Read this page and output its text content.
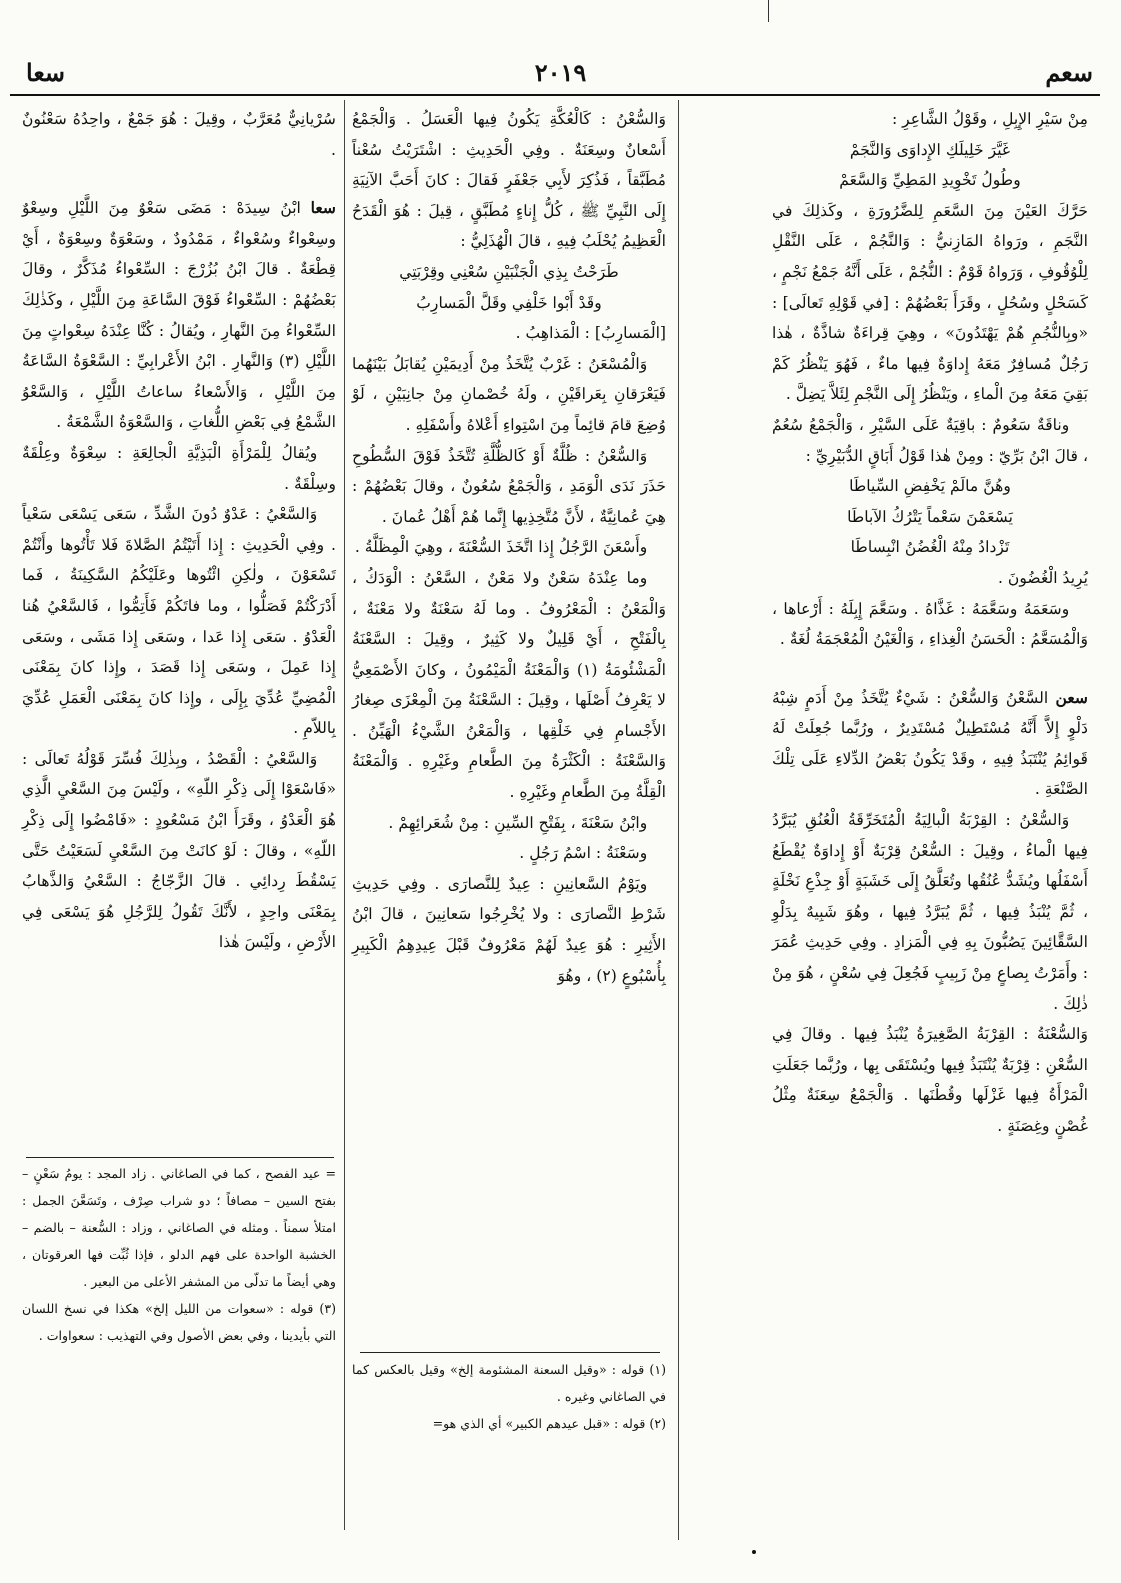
سعا	٢٠١٩	سعم

مِنْ سَيْرِ الإِبِلِ ، وقَوْلُ الشَّاعِرِ :

غَيَّرَ خَلِيلَكِ الإِداوَى وَالنَّجَمْ

وطُولُ تَخْوِيدِ المَطِيِّ وَالسَّعَمْ

حَرَّكَ العَيْنَ مِنَ السَّعَمِ لِلضَّرُورَةِ ، وكَذلِكَ في النَّجَمِ ، ورَواهُ المَازِنيُّ : وَالنَّجُمْ ، عَلَى النَّقْلِ لِلْوُقُوفِ ، وَرَواهُ قَوْمٌ : النُّجُمْ ، عَلَى أَنَّهُ جَمْعُ نَجْمٍ ، كَسَحْلٍ وسُحُلٍ ، وقَرَأَ بَعْضُهُمْ : [في قَوْلِهِ تَعالَى] : «وبِالنُّجُمِ هُمْ يَهْتَدُونَ» ، وهِيَ قِراءَةٌ شاذَّةٌ ، هٰذا رَجُلٌ مُسافِرٌ مَعَهُ إِداوَةٌ فِيها ماءٌ ، فَهُوَ يَنْظُرُ كَمْ بَقِيَ مَعَهُ مِنَ الْماءِ ، ويَنْظُرُ إِلَى النَّجْمِ لِئَلاَّ يَضِلَّ .

وناقَةٌ سَعُومٌ : باقِيَةٌ عَلَى السَّيْرِ ، وَالْجَمْعُ سُعُمٌ ، قالَ ابْنُ بَرِّيّ : ومِنْ هٰذا قَوْلُ أَبَاقٍ الدُّبَيْرِيِّ :

وهُنَّ مالَمْ يَخْفِضِ السِّياطَا

يَسْعَمْنَ سَعْماً يَتْرُكُ الآباطَا

تَزْدادُ مِنْهُ الْغُضُنُ انْبِساطَا

يُرِيدُ الْغُضُونَ .

وسَعَمَهُ وسَعَّمَهُ : غَذَّاهُ . وسَعَّمَ إِبِلَهُ : أَرْعاها ، وَالْمُسَعَّمُ : الْحَسَنُ الْغِذاءِ ، وَالْغَيْنُ الْمُعْجَمَةُ لُغَةٌ .

سعن السَّعْنُ وَالسُّعْنُ : شَيْءٌ يُتَّخَذُ مِنْ أَدَمٍ شِبْهُ دَلْوٍ إِلاَّ أَنَّهُ مُسْتَطِيلٌ مُسْتَدِيرٌ ، ورُبَّما جُعِلَتْ لَهُ قَوائِمُ يُنْتَبَذُ فِيهِ ، وقَدْ يَكُونُ بَعْضُ الدِّلاءِ عَلَى تِلْكَ الصَّنْعَةِ .

وَالسُّعْنُ : القِرْبَةُ الْبالِيَةُ الْمُتَخَرِّقَةُ الْعُنُقِ يُبَرَّدُ فِيها الْماءُ ، وقِيلَ : السُّعْنُ قِرْبَةٌ أَوْ إِداوَةٌ يُقْطَعُ أَسْفَلُها ويُشَدُّ عُنُقُها وتُعَلَّقُ إِلَى خَشَبَةٍ أَوْ جِذْعِ نَخْلَةٍ ، ثُمَّ يُنْبَذُ فِيها ، ثُمَّ يُبَرَّدُ فِيها ، وهُوَ شَبِيهٌ بِدَلْوِ السَّقَّائِينَ يَصُبُّونَ بِهِ فِي الْمَزادِ . وفِي حَدِيثِ عُمَرَ : وأَمَرْتُ بِصاعٍ مِنْ زَبِيبٍ فَجُعِلَ فِي سُعْنٍ ، هُوَ مِنْ ذٰلِكَ .

وَالسُّعْنَةُ : القِرْبَةُ الصَّغِيرَةُ يُنْبَذُ فِيها . وقالَ فِي السُّعْنِ : قِرْبَةٌ يُنْتَبَذُ فِيها ويُسْتَقَى بِها ، ورُبَّما جَعَلَتِ الْمَرْأَةُ فِيها غَزْلَها وقُطْنَها . وَالْجَمْعُ سِعَنَةٌ مِثْلُ غُصْنٍ وغِصَنَةٍ .

وَالسُّعْنُ : كَالْعُكَّةِ يَكُونُ فِيها الْعَسَلُ . وَالْجَمْعُ أَسْعانٌ وسِعَنَةٌ . وفِي الْحَدِيثِ : اشْتَرَيْتُ سُعْناً مُطَبَّقاً ، فَذُكِرَ لأَبِي جَعْفَرٍ فَقالَ : كانَ أَحَبَّ الآنِيَةِ إِلَى النَّبِيِّ ﷺ ، كُلُّ إِناءٍ مُطَبَّقٍ ، قِيلَ : هُوَ الْقَدَحُ الْعَظِيمُ يُحْلَبُ فِيهِ ، قالَ الْهُذَلِيُّ :

طَرَحْتُ بِذِي الْجَنْبَيْنِ سُعْنِي وقِرْبَتِي

وقَدْ أَبْوا خَلْفِي وقَلَّ الْمَسارِبُ

[الْمَسارِبُ] : الْمَذاهِبُ .

وَالْمُسْعَنُ : غَرْبٌ يُتَّخَذُ مِنْ أَدِيمَيْنِ يُقابَلُ بَيْنَهُما فَيَعْرَقانِ بِعَراقَيْنِ ، ولَهُ خُصْمانِ مِنْ جانِبَيْنِ ، لَوْ وُضِعَ قامَ قائِماً مِنَ اسْتِواءِ أَعْلاهُ وأَسْفَلِهِ .

وَالسُّعْنُ : ظُلَّةٌ أَوْ كَالظُّلَّةِ تُتَّخَذُ فَوْقَ السُّطُوحِ حَذَرَ نَدَى الْوَمَدِ ، وَالْجَمْعُ سُعُونٌ ، وقالَ بَعْضُهُمْ : هِيَ عُمانِيَّةٌ ، لأَنَّ مُتَّخِذِيها إِنَّما هُمْ أَهْلُ عُمانَ .

وأَسْعَنَ الرَّجُلُ إِذا اتَّخَذَ السُّعْنَةَ ، وهِيَ الْمِظَلَّةُ .

وما عِنْدَهُ سَعْنٌ ولا مَعْنٌ ، السَّعْنُ : الْوَدَكُ ، وَالْمَعْنُ : الْمَعْرُوفُ . وما لَهُ سَعْنَةٌ ولا مَعْنَةٌ ، بِالْفَتْحِ ، أَيْ قَلِيلٌ ولا كَثِيرٌ ، وقِيلَ : السَّعْنَةُ الْمَشْئُومَةُ (١) وَالْمَعْنَةُ الْمَيْمُونُ ، وكانَ الأَصْمَعِيُّ لا يَعْرِفُ أَصْلَها ، وقِيلَ : السَّعْنَةُ مِنَ الْمِعْزَى صِغارُ الأَجْسامِ فِي خَلْقِها ، وَالْمَعْنُ الشَّيْءُ الْهَيِّنُ . وَالسَّعْنَةُ : الْكَثْرَةُ مِنَ الطَّعامِ وغَيْرِهِ . وَالْمَعْنَةُ الْقِلَّةُ مِنَ الطَّعامِ وغَيْرِهِ .

وابْنُ سَعْنَةَ ، بِفَتْحِ السِّينِ : مِنْ شُعَرائِهِمْ .

وسَعْنَةُ : اسْمُ رَجُلٍ .

ويَوْمُ السَّعانِينِ : عِيدٌ لِلنَّصارَى . وفِي حَدِيثِ شَرْطِ النَّصارَى : ولا يُخْرِجُوا سَعانِينَ ، قالَ ابْنُ الأَثِيرِ : هُوَ عِيدٌ لَهُمْ مَعْرُوفٌ قَبْلَ عِيدِهِمُ الْكَبِيرِ بِأُسْبُوعٍ (٢) ، وهُوَ

(١) قوله : «وقيل السعنة المشئومة إلخ» وقيل بالعكس كما في الصاغاني وغيره .

(٢) قوله : «قبل عيدهم الكبير» أي الذي هو=

سُرْيانِيٌّ مُعَرَّبٌ ، وقِيلَ : هُوَ جَمْعٌ ، واحِدُهُ سَعْنُونٌ .

سعا ابْنُ سِيدَهْ : مَضَى سَعْوٌ مِنَ اللَّيْلِ وسِعْوٌ وسِعْواءٌ وسُعْواءٌ ، مَمْدُودٌ ، وسَعْوَةٌ وسِعْوَةٌ ، أَيْ قِطْعَةٌ . قالَ ابْنُ بُزُرْجَ : السِّعْواءُ مُذَكَّرٌ ، وقالَ بَعْضُهُمْ : السِّعْواءُ فَوْقَ السَّاعَةِ مِنَ اللَّيْلِ ، وكَذٰلِكَ السِّعْواءُ مِنَ النَّهارِ ، ويُقالُ : كُنَّا عِنْدَهُ سِعْواتٍ مِنَ اللَّيْلِ (٣) وَالنَّهارِ . ابْنُ الأَعْرابِيِّ : السَّعْوَةُ السَّاعَةُ مِنَ اللَّيْلِ ، وَالأَسْعاءُ ساعاتُ اللَّيْلِ ، وَالسَّعْوُ الشَّمْعُ فِي بَعْضِ اللُّغاتِ ، وَالسَّعْوَةُ الشَّمْعَةُ .

ويُقالُ لِلْمَرْأَةِ الْبَذِيَّةِ الْجالِعَةِ : سِعْوَةٌ وعِلْقَةٌ وسِلْقَةٌ .

وَالسَّعْيُ : عَدْوٌ دُونَ الشَّدِّ ، سَعَى يَسْعَى سَعْياً . وفِي الْحَدِيثِ : إِذا أَتَيْتُمُ الصَّلاةَ فَلا تَأْتُوها وأَنْتُمْ تَسْعَوْنَ ، ولٰكِنِ ائْتُوها وعَلَيْكُمُ السَّكِينَةُ ، فَما أَدْرَكْتُمْ فَصَلُّوا ، وما فاتَكُمْ فَأَتِمُّوا ، فَالسَّعْيُ هُنا الْعَدْوُ . سَعَى إِذا عَدا ، وسَعَى إِذا مَشَى ، وسَعَى إِذا عَمِلَ ، وسَعَى إِذا قَصَدَ ، وإِذا كانَ بِمَعْنَى الْمُضِيِّ عُدِّيَ بِإِلَى ، وإِذا كانَ بِمَعْنَى الْعَمَلِ عُدِّيَ بِاللاّمِ .

وَالسَّعْيُ : الْقَصْدُ ، وبِذٰلِكَ فُسِّرَ قَوْلُهُ تَعالَى : «فَاسْعَوْا إِلَى ذِكْرِ اللّهِ» ، ولَيْسَ مِنَ السَّعْيِ الَّذِي هُوَ الْعَدْوُ ، وقَرَأَ ابْنُ مَسْعُودٍ : «فَامْضُوا إِلَى ذِكْرِ اللّهِ» ، وقالَ : لَوْ كانَتْ مِنَ السَّعْيِ لَسَعَيْتُ حَتَّى يَسْقُطَ رِدائِي . قالَ الزَّجّاجُ : السَّعْيُ وَالذَّهابُ بِمَعْنَى واحِدٍ ، لأَنَّكَ تَقُولُ لِلرَّجُلِ هُوَ يَسْعَى فِي الأَرْضِ ، ولَيْسَ هٰذا

= عيد الفصح ، كما في الصاغاني . زاد المجد : يومُ سَعْنٍ – بفتح السين – مصافاً ؛ دو شراب صِرْف ، وتَسَعَّنَ الجمل : امتلأ سمناً . ومثله في الصاغاني ، وزاد : السُّعنة – بالضم – الخشبة الواحدة على فهم الدلو ، فإذا ثُبِّت فها العرقوتان ، وهي أيضاً ما تدلّى من المشفر الأعلى من البعير .

(٣) قوله : «سعوات من الليل إلخ» هكذا في نسخ اللسان التي بأيدينا ، وفي بعض الأصول وفي التهذيب : سعواوات .
